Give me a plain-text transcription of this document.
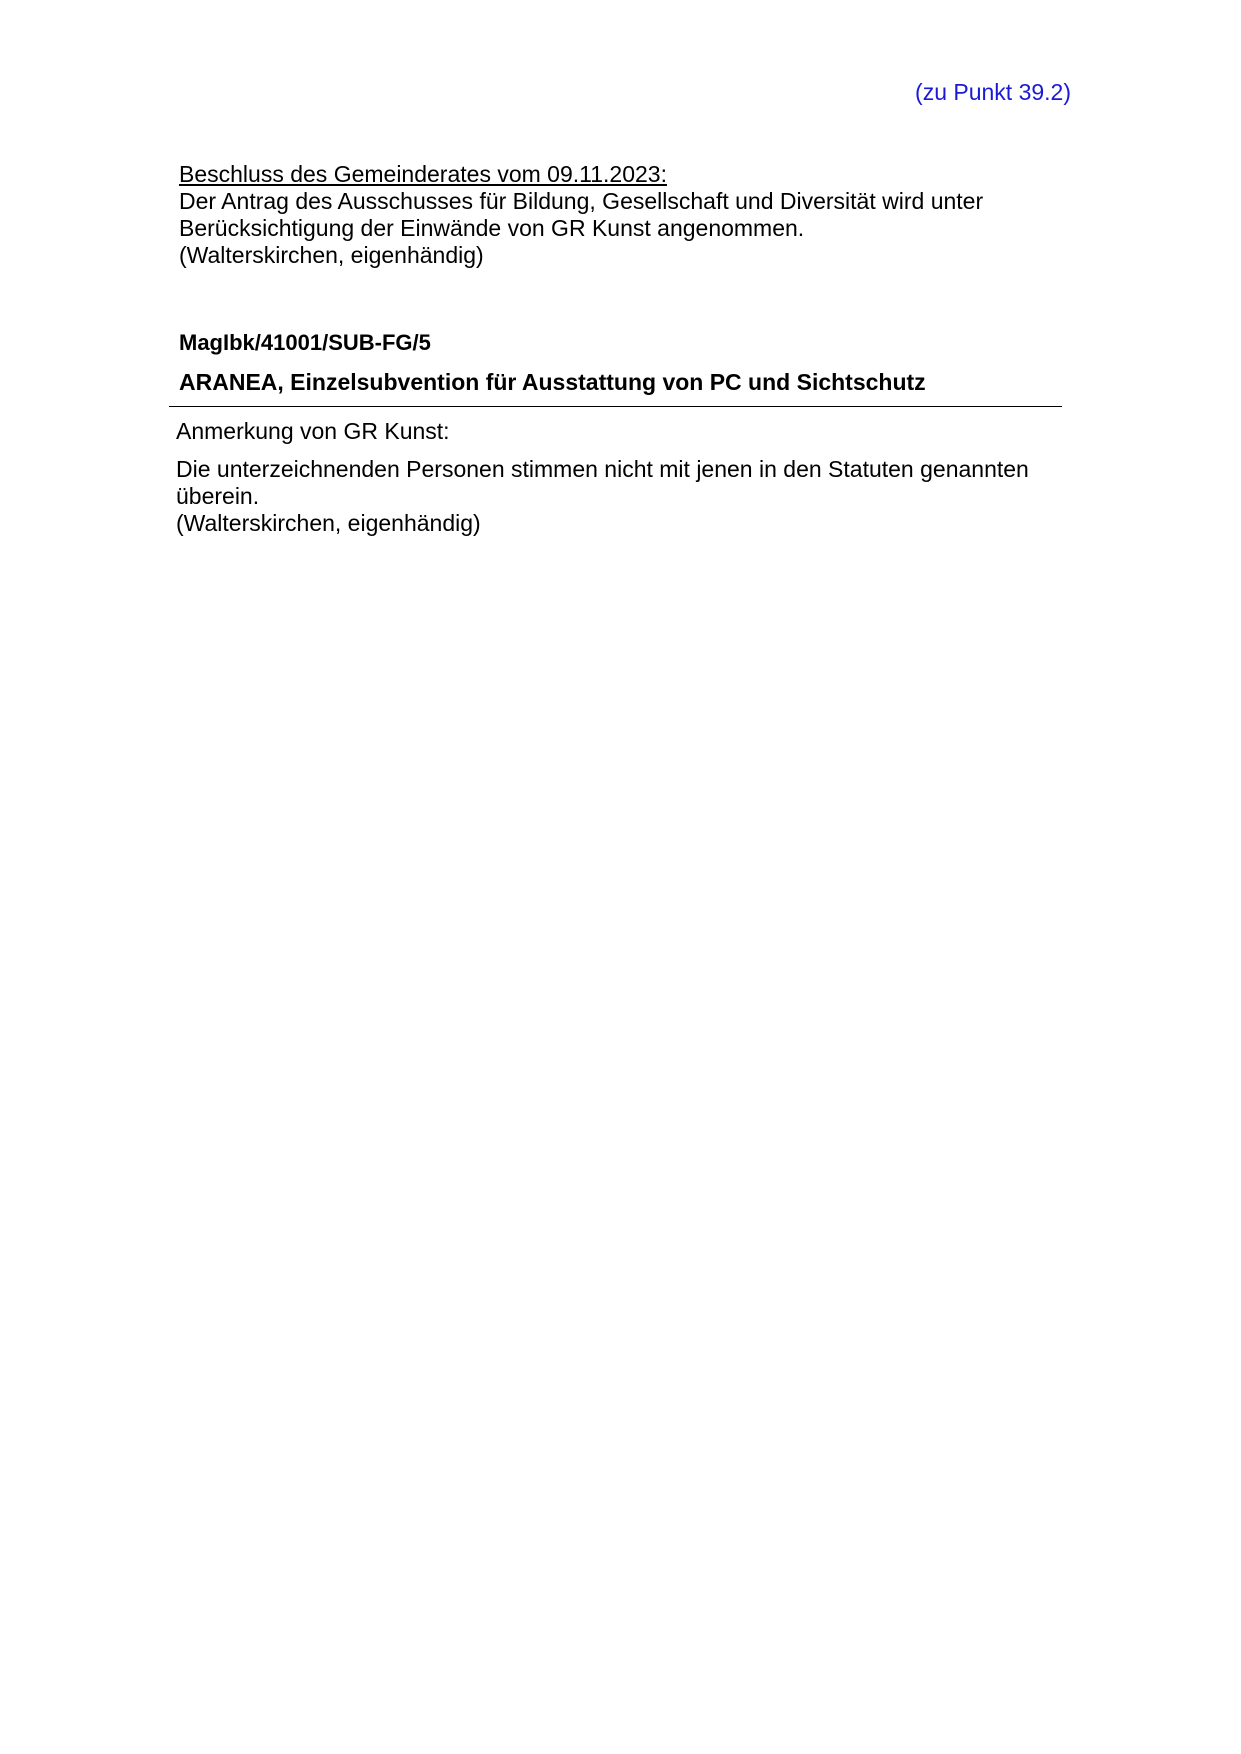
(zu Punkt 39.2)

Beschluss des Gemeinderates vom 09.11.2023:

Der Antrag des Ausschusses für Bildung, Gesellschaft und Diversität wird unter Berücksichtigung der Einwände von GR Kunst angenommen.

(Walterskirchen, eigenhändig)

MagIbk/41001/SUB-FG/5
ARANEA, Einzelsubvention für Ausstattung von PC und Sichtschutz
Anmerkung von GR Kunst:

Die unterzeichnenden Personen stimmen nicht mit jenen in den Statuten genannten überein.

(Walterskirchen, eigenhändig)
